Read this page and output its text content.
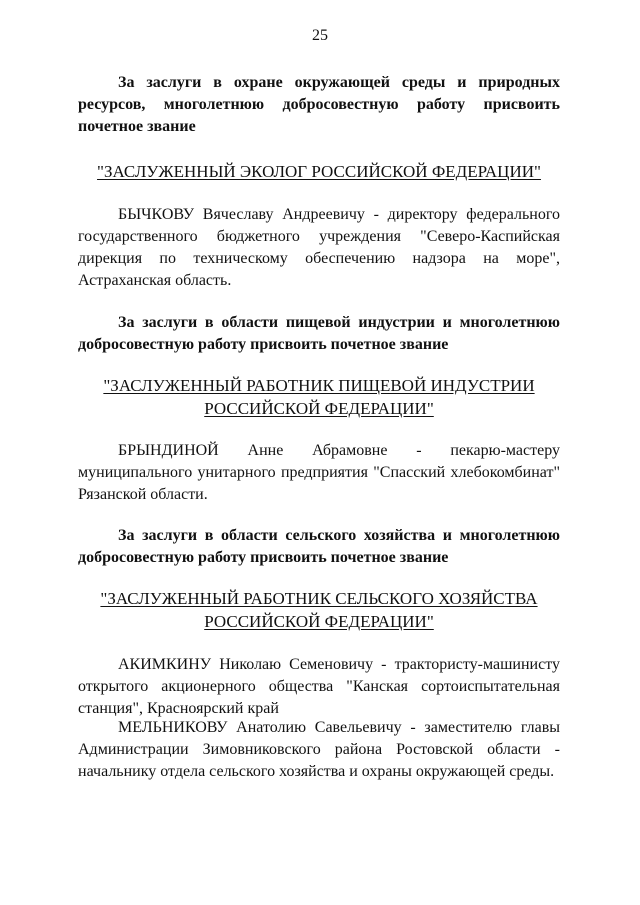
25
За заслуги в охране окружающей среды и природных
ресурсов, многолетнюю добросовестную работу присвоить
почетное звание
"ЗАСЛУЖЕННЫЙ ЭКОЛОГ РОССИЙСКОЙ ФЕДЕРАЦИИ"
БЫЧКОВУ Вячеславу Андреевичу - директору федерального
государственного бюджетного учреждения "Северо-Каспийская
дирекция по техническому обеспечению надзора на море",
Астраханская область.
За заслуги в области пищевой индустрии и многолетнюю
добросовестную работу присвоить почетное звание
"ЗАСЛУЖЕННЫЙ РАБОТНИК ПИЩЕВОЙ ИНДУСТРИИ
РОССИЙСКОЙ ФЕДЕРАЦИИ"
БРЫНДИНОЙ Анне Абрамовне - пекарю-мастеру
муниципального унитарного предприятия "Спасский хлебокомбинат"
Рязанской области.
За заслуги в области сельского хозяйства и многолетнюю
добросовестную работу присвоить почетное звание
"ЗАСЛУЖЕННЫЙ РАБОТНИК СЕЛЬСКОГО ХОЗЯЙСТВА
РОССИЙСКОЙ ФЕДЕРАЦИИ"
АКИМКИНУ Николаю Семеновичу - трактористу-машинисту
открытого акционерного общества "Канская сортоиспытательная
станция", Красноярский край
МЕЛЬНИКОВУ Анатолию Савельевичу - заместителю главы
Администрации Зимовниковского района Ростовской области -
начальнику отдела сельского хозяйства и охраны окружающей среды.
